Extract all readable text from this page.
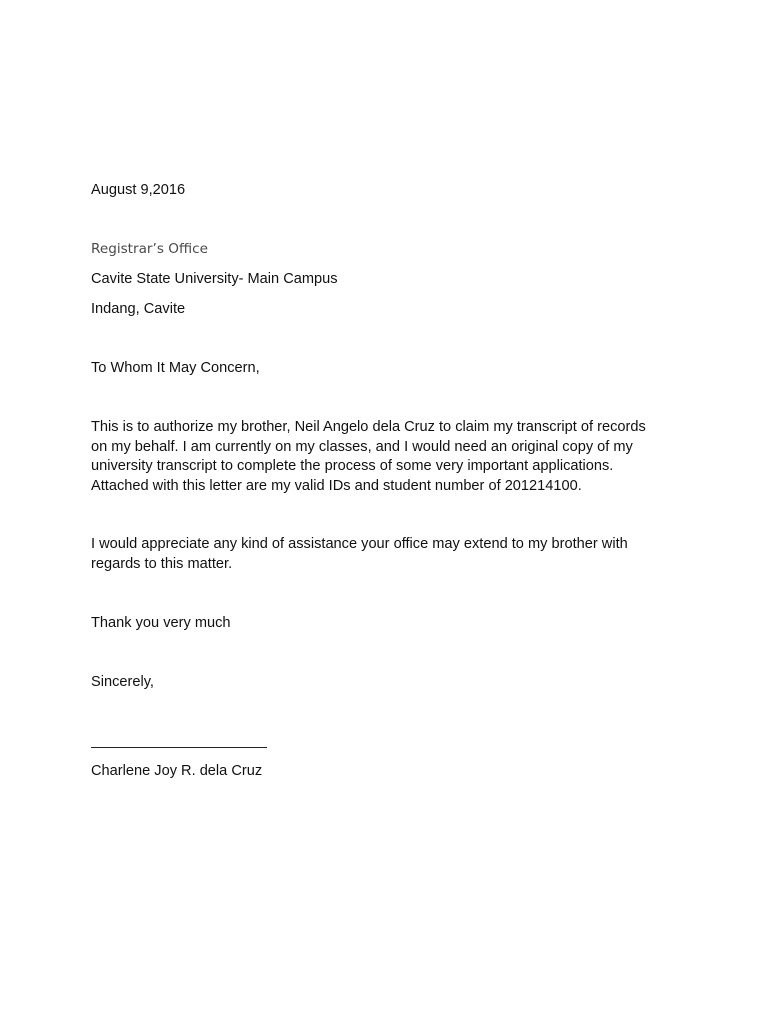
August 9,2016
Registrar’s Office
Cavite State University- Main Campus
Indang, Cavite
To Whom It May Concern,
This is to authorize my brother, Neil Angelo dela Cruz to claim my transcript of records
on my behalf. I am currently on my classes, and I would need an original copy of my
university transcript to complete the process of some very important applications.
Attached with this letter are my valid IDs and student number of 201214100.
I would appreciate any kind of assistance your office may extend to my brother with
regards to this matter.
Thank you very much
Sincerely,
Charlene Joy R. dela Cruz
